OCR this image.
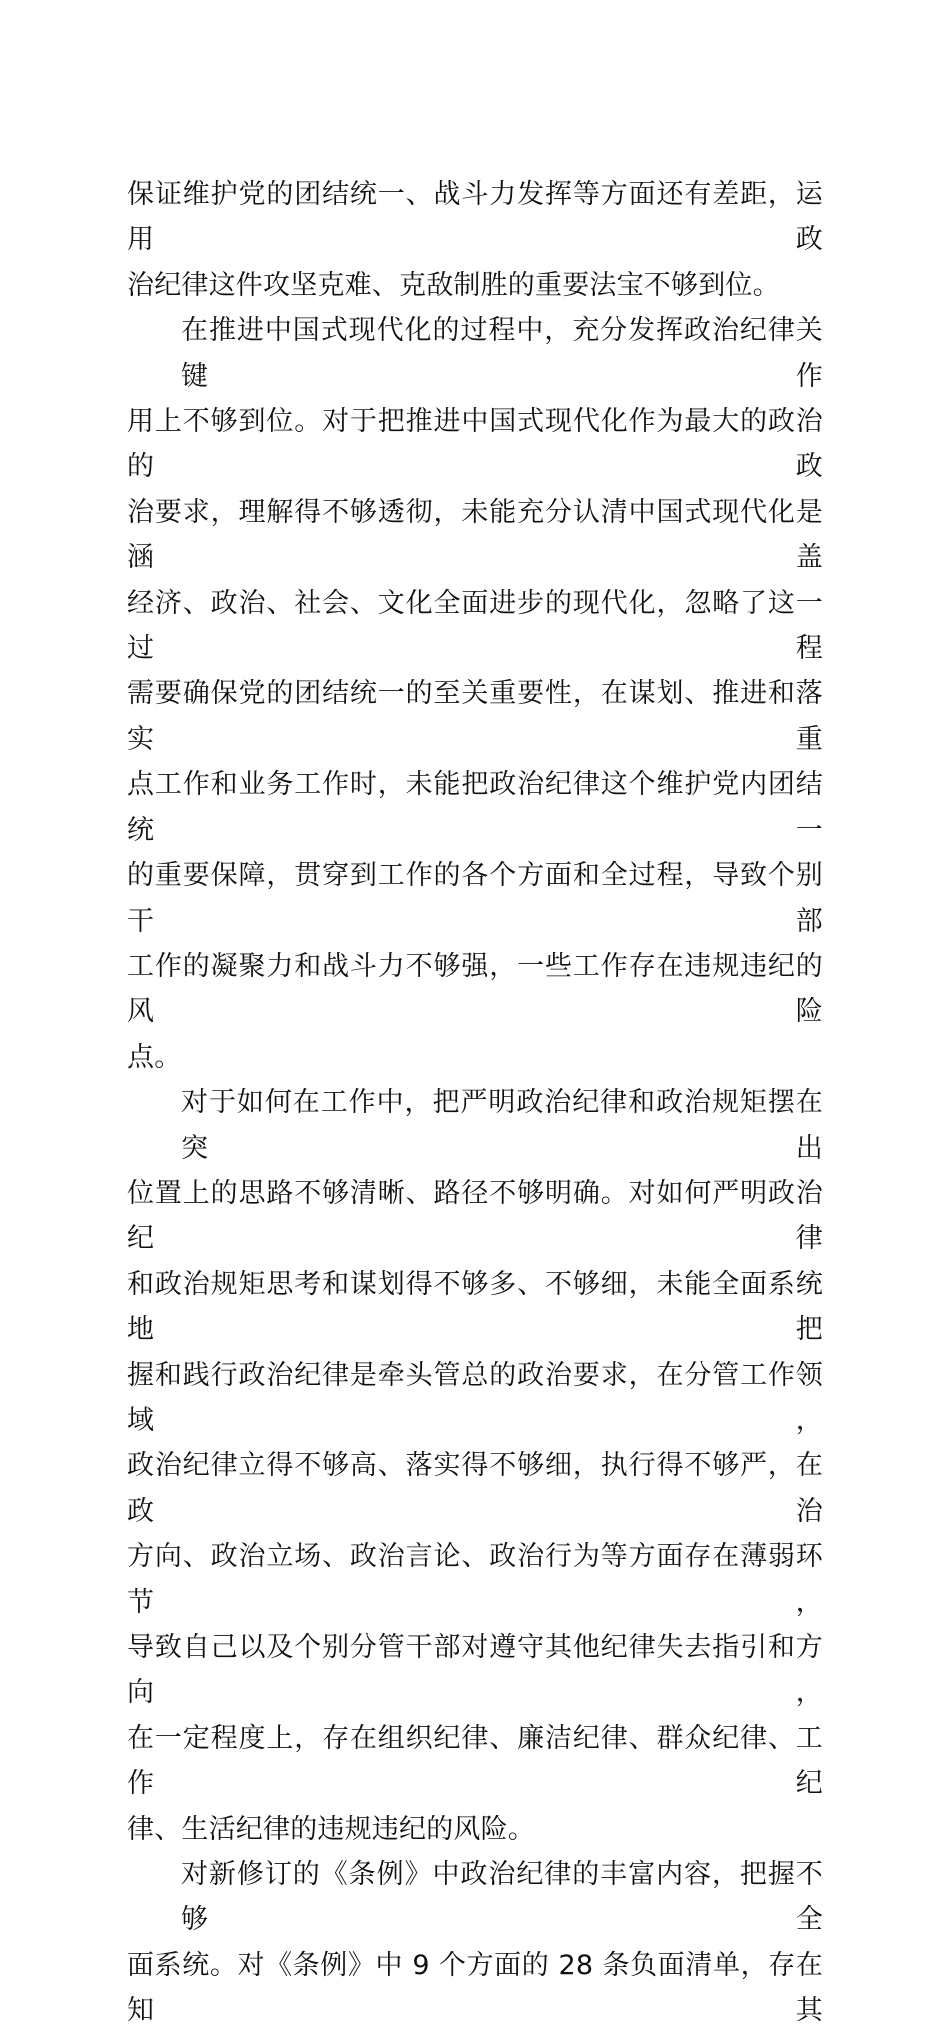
保证维护党的团结统一、战斗力发挥等方面还有差距，运用政
治纪律这件攻坚克难、克敌制胜的重要法宝不够到位。

在推进中国式现代化的过程中，充分发挥政治纪律关键作
用上不够到位。对于把推进中国式现代化作为最大的政治的政
治要求，理解得不够透彻，未能充分认清中国式现代化是涵盖
经济、政治、社会、文化全面进步的现代化，忽略了这一过程
需要确保党的团结统一的至关重要性，在谋划、推进和落实重
点工作和业务工作时，未能把政治纪律这个维护党内团结统一
的重要保障，贯穿到工作的各个方面和全过程，导致个别干部
工作的凝聚力和战斗力不够强，一些工作存在违规违纪的风险
点。

对于如何在工作中，把严明政治纪律和政治规矩摆在突出
位置上的思路不够清晰、路径不够明确。对如何严明政治纪律
和政治规矩思考和谋划得不够多、不够细，未能全面系统地把
握和践行政治纪律是牵头管总的政治要求，在分管工作领域，
政治纪律立得不够高、落实得不够细，执行得不够严，在政治
方向、政治立场、政治言论、政治行为等方面存在薄弱环节，
导致自己以及个别分管干部对遵守其他纪律失去指引和方向，
在一定程度上，存在组织纪律、廉洁纪律、群众纪律、工作纪
律、生活纪律的违规违纪的风险。

对新修订的《条例》中政治纪律的丰富内容，把握不够全
面系统。对《条例》中 9 个方面的 28 条负面清单，存在知其
